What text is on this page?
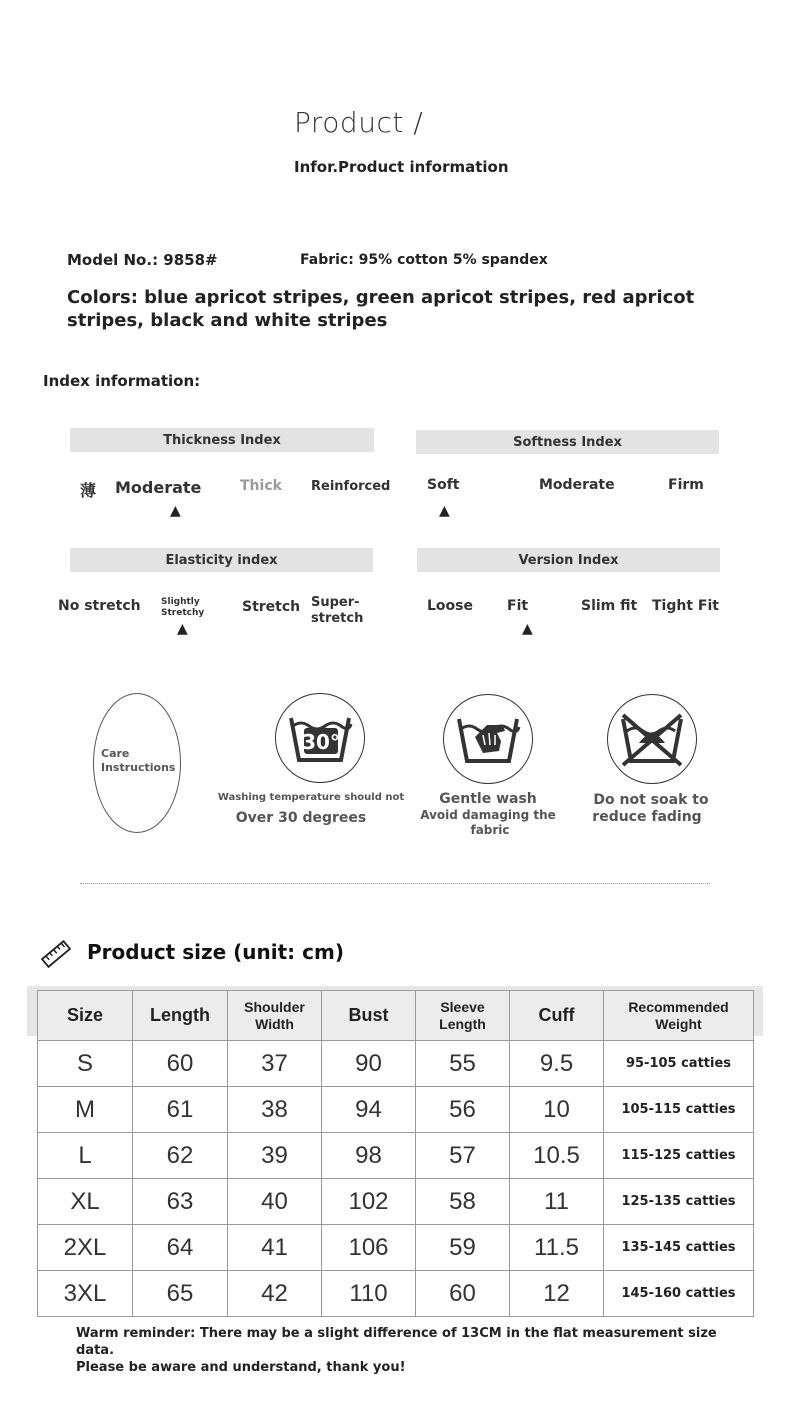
Product /
Infor.Product information
Model No.: 9858#	Fabric: 95% cotton 5% spandex
Colors: blue apricot stripes, green apricot stripes, red apricot stripes, black and white stripes
Index information:
Thickness Index
薄 Moderate	Thick Reinforced
▲
Softness Index
Soft	Moderate	Firm
▲
Elasticity index
No stretch Slightly Stretchy	Stretch Super-stretch
▲
Version Index
Loose Fit	Slim fit Tight Fit
▲
Care
Instructions
30°
Washing temperature should not
Over 30 degrees
Gentle wash
Avoid damaging the
fabric
Do not soak to
reduce fading
Product size (unit: cm)
Size	Length	Shoulder Width	Bust	Sleeve Length	Cuff	Recommended Weight
S	60	37	90	55	9.5	95-105 catties
M	61	38	94	56	10	105-115 catties
L	62	39	98	57	10.5	115-125 catties
XL	63	40	102	58	11	125-135 catties
2XL	64	41	106	59	11.5	135-145 catties
3XL	65	42	110	60	12	145-160 catties
Warm reminder: There may be a slight difference of 13CM in the flat measurement size data.
Please be aware and understand, thank you!
